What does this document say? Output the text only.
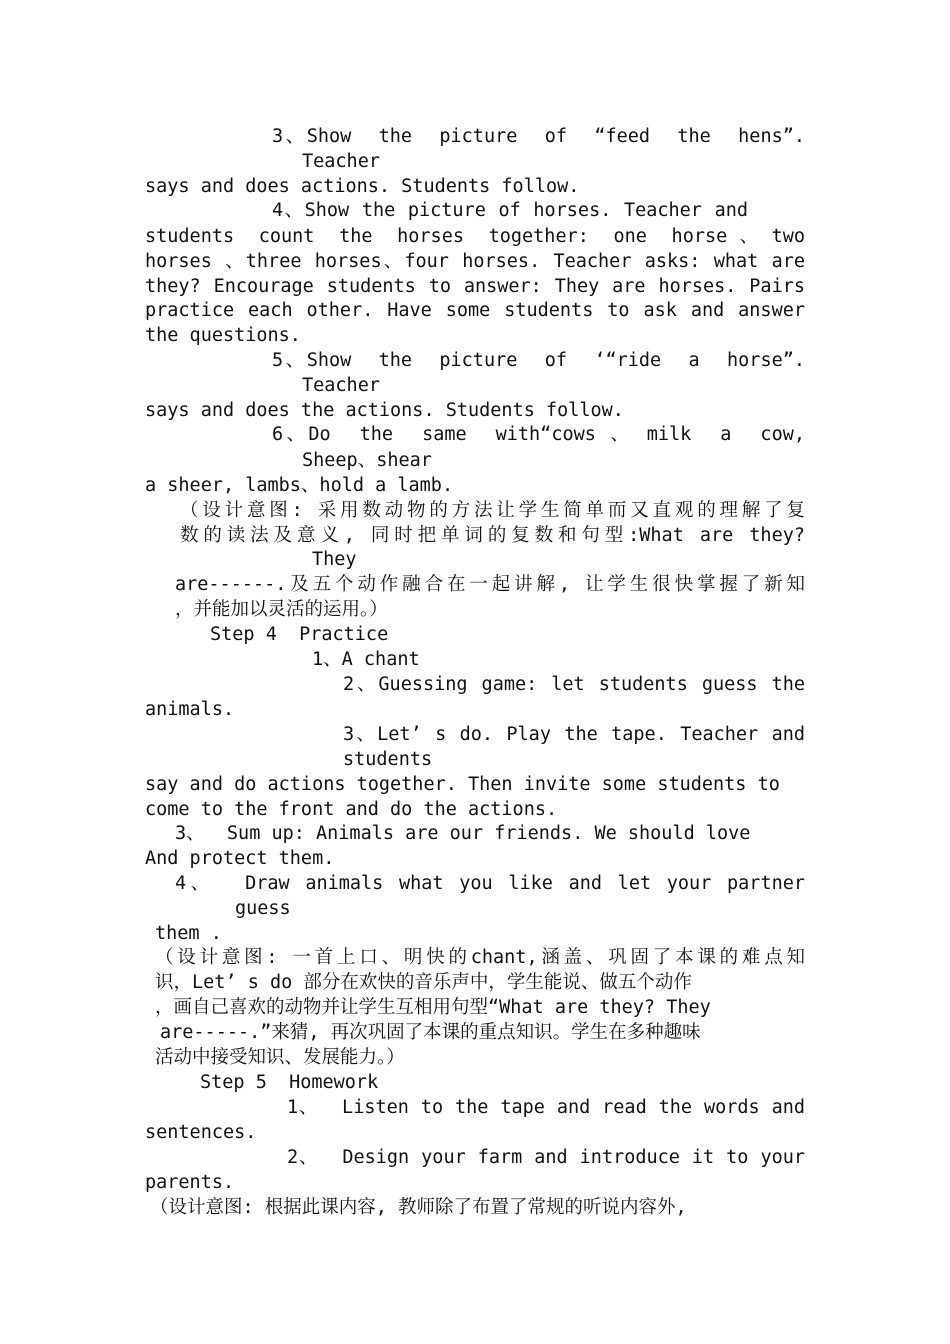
3、Show  the  picture  of  “feed  the  hens”.
Teacher
says and does actions. Students follow.
4、Show the picture of horses. Teacher and
students  count  the  horses  together:  one  horse 、 two
horses 、three horses、four horses. Teacher asks: what are
they? Encourage students to answer: They are horses. Pairs
practice each other. Have some students to ask and answer
the questions.
5、Show  the  picture  of  ‘“ride  a  horse”.
Teacher
says and does the actions. Students follow.
6、Do  the  same  with“cows 、 milk  a  cow,
Sheep、shear
a sheer, lambs、hold a lamb.
（设计意图: 采用数动物的方法让学生简单而又直观的理解了复
数的读法及意义, 同时把单词的复数和句型:What are they?
They
are------.及五个动作融合在一起讲解, 让学生很快掌握了新知
，并能加以灵活的运用。）
Step 4  Practice
1、A chant
2、Guessing game: let students guess the
animals.
3、Let’ s do. Play the tape. Teacher and
students
say and do actions together. Then invite some students to
come to the front and do the actions.
3、  Sum up: Animals are our friends. We should love
And protect them.
4、  Draw animals what you like and let your partner
guess
them .
（设计意图: 一首上口、明快的chant,涵盖、巩固了本课的难点知
识，Let’ s do 部分在欢快的音乐声中，学生能说、做五个动作
，画自己喜欢的动物并让学生互相用句型“What are they? They
are-----.”来猜, 再次巩固了本课的重点知识。学生在多种趣味
活动中接受知识、发展能力。）
Step 5  Homework
1、  Listen to the tape and read the words and
sentences.
2、  Design your farm and introduce it to your
parents.
（设计意图: 根据此课内容, 教师除了布置了常规的听说内容外,
